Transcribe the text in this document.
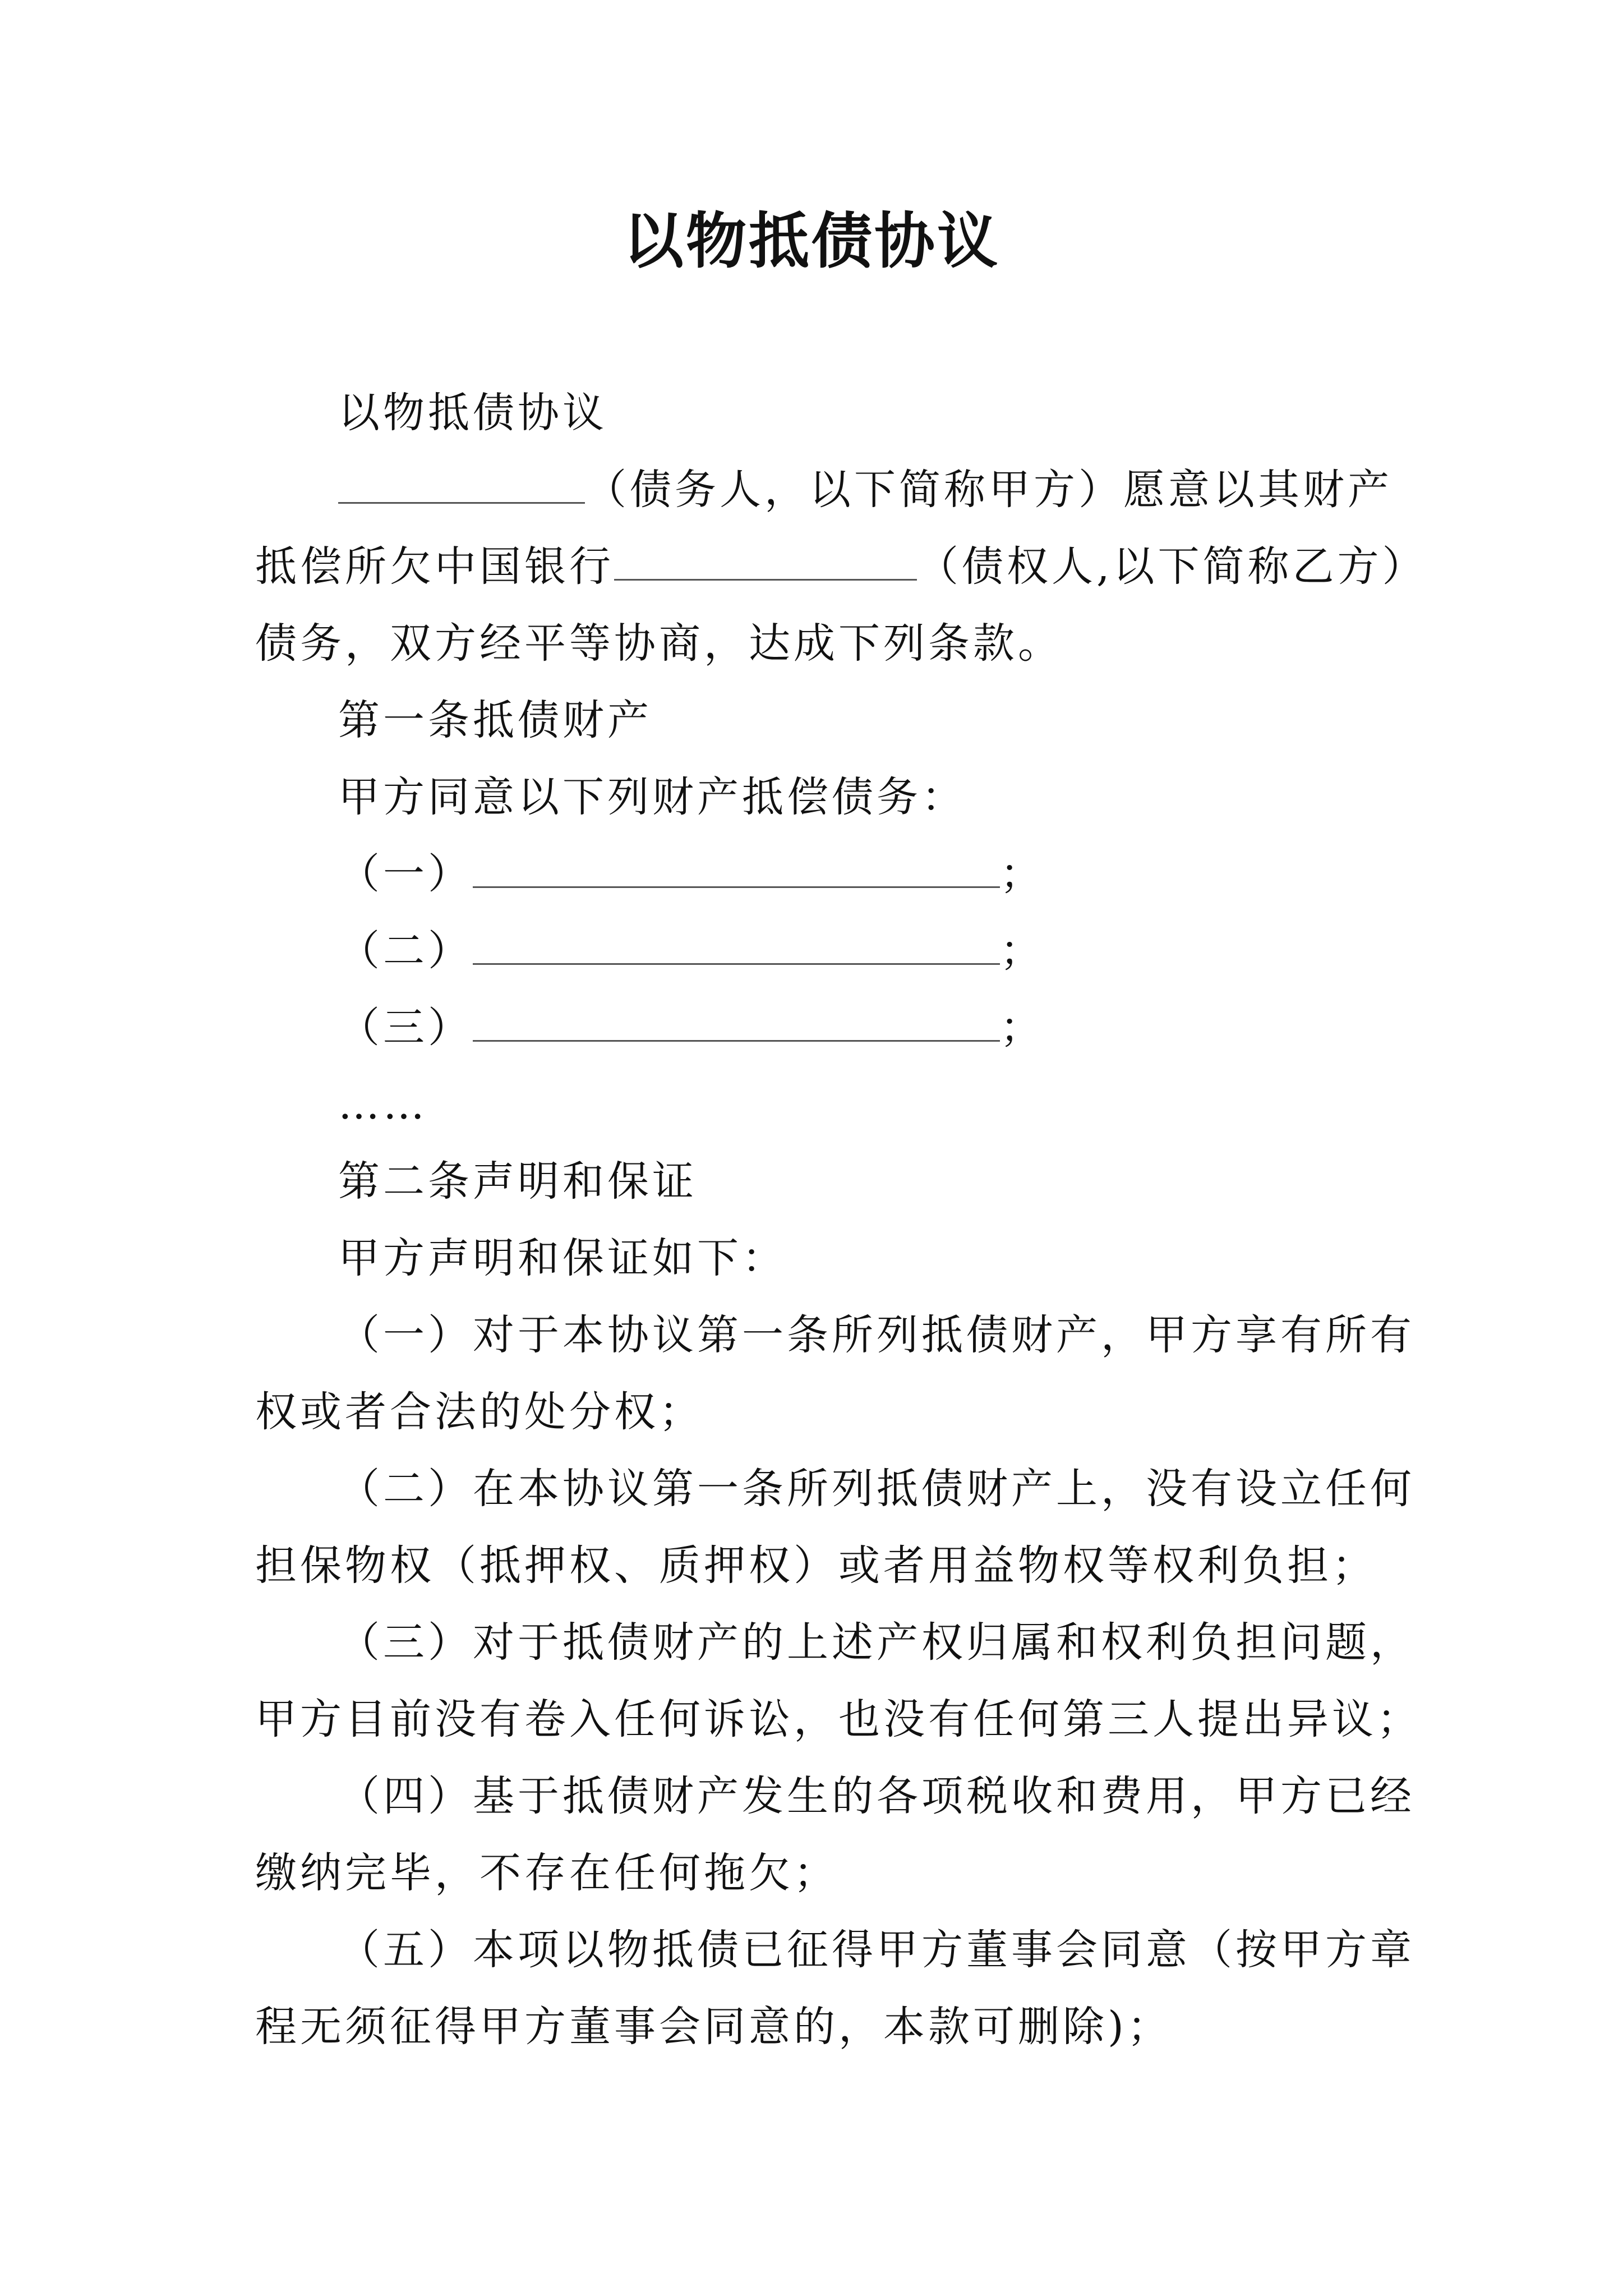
以物抵债协议

以物抵债协议

（债务人，以下简称甲方）愿意以其财产

抵偿所欠中国银行	（债权人,以下简称乙方）

债务，双方经平等协商，达成下列条款。

第一条抵债财产

甲方同意以下列财产抵偿债务：

（一）	；

（二）	；

（三）	；

……

第二条声明和保证

甲方声明和保证如下：

（一）对于本协议第一条所列抵债财产，甲方享有所有

权或者合法的处分权；

（二）在本协议第一条所列抵债财产上，没有设立任何

担保物权（抵押权、质押权）或者用益物权等权利负担；

（三）对于抵债财产的上述产权归属和权利负担问题，

甲方目前没有卷入任何诉讼，也没有任何第三人提出异议；

（四）基于抵债财产发生的各项税收和费用，甲方已经

缴纳完毕，不存在任何拖欠；

（五）本项以物抵债已征得甲方董事会同意（按甲方章

程无须征得甲方董事会同意的，本款可删除)；
